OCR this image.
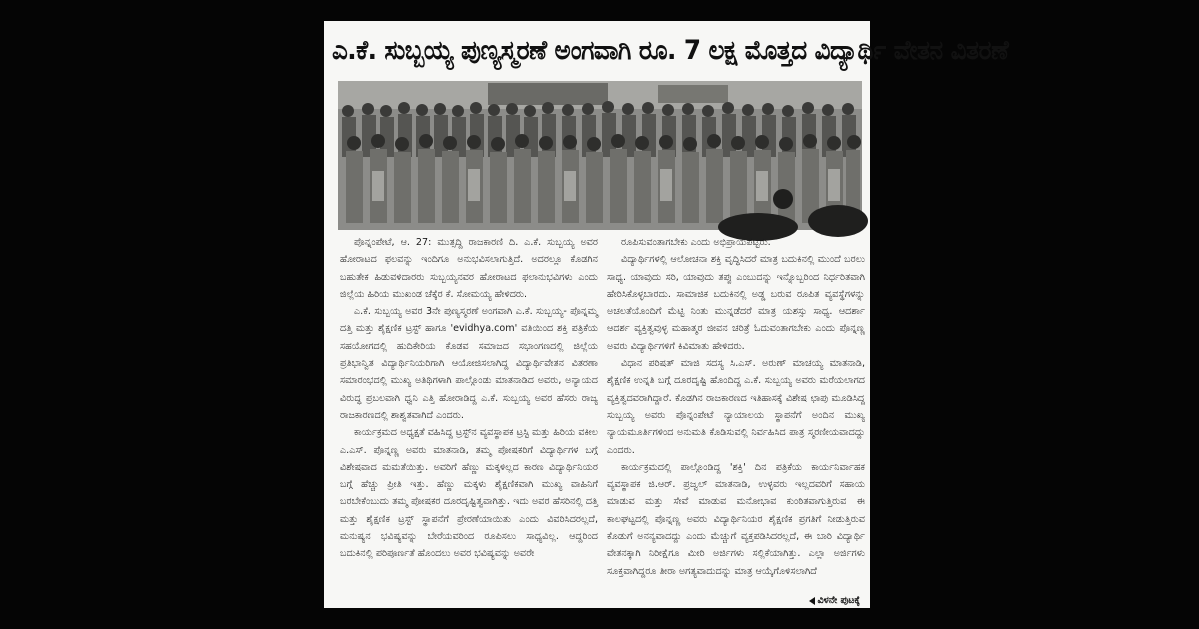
ಎ.ಕೆ. ಸುಬ್ಬಯ್ಯ ಪುಣ್ಯಸ್ಮರಣೆ ಅಂಗವಾಗಿ ರೂ. 7 ಲಕ್ಷ ಮೊತ್ತದ ವಿದ್ಯಾರ್ಥಿ ವೇತನ ವಿತರಣೆ

ಪೊನ್ನಂಪೇಟೆ, ಆ. 27: ಮುತ್ಸದ್ದಿ ರಾಜಕಾರಣಿ ದಿ. ಎ.ಕೆ. ಸುಬ್ಬಯ್ಯ ಅವರ ಹೋರಾಟದ ಫಲವನ್ನು ಇಂದಿಗೂ ಅನುಭವಿಸಲಾಗುತ್ತಿದೆ. ಅದರಲ್ಲೂ ಕೊಡಗಿನ ಬಹುತೇಕ ಹಿಡುವಳಿದಾರರು ಸುಬ್ಬಯ್ಯನವರ ಹೋರಾಟದ ಫಲಾನುಭವಿಗಳು ಎಂದು ಜಿಲ್ಲೆಯ ಹಿರಿಯ ಮುಖಂಡ ಚೆಕ್ಕೆರ ಕೆ. ಸೋಮಯ್ಯ ಹೇಳಿದರು.

ಎ.ಕೆ. ಸುಬ್ಬಯ್ಯ ಅವರ 3ನೇ ಪುಣ್ಯಸ್ಮರಣೆ ಅಂಗವಾಗಿ ಎ.ಕೆ. ಸುಬ್ಬಯ್ಯ- ಪೊನ್ನಮ್ಮ ದತ್ತಿ ಮತ್ತು ಶೈಕ್ಷಣಿಕ ಟ್ರಸ್ಟ್ ಹಾಗೂ 'evidhya.com' ವತಿಯಿಂದ ಶಕ್ತಿ ಪತ್ರಿಕೆಯ ಸಹಯೋಗದಲ್ಲಿ ಹುದಿಕೇರಿಯ ಕೊಡವ ಸಮಾಜದ ಸಭಾಂಗಣದಲ್ಲಿ ಜಿಲ್ಲೆಯ ಪ್ರತಿಭಾನ್ವಿತ ವಿದ್ಯಾರ್ಥಿನಿಯರಿಗಾಗಿ ಆಯೋಜಿಸಲಾಗಿದ್ದ ವಿದ್ಯಾರ್ಥಿವೇತನ ವಿತರಣಾ ಸಮಾರಂಭದಲ್ಲಿ ಮುಖ್ಯ ಅತಿಥಿಗಳಾಗಿ ಪಾಲ್ಗೊಂಡು ಮಾತನಾಡಿದ ಅವರು, ಅನ್ಯಾಯದ ವಿರುದ್ಧ ಪ್ರಬಲವಾಗಿ ಧ್ವನಿ ಎತ್ತಿ ಹೋರಾಡಿದ್ದ ಎ.ಕೆ. ಸುಬ್ಬಯ್ಯ ಅವರ ಹೆಸರು ರಾಜ್ಯ ರಾಜಕಾರಣದಲ್ಲಿ ಶಾಶ್ವತವಾಗಿದೆ ಎಂದರು.

ಕಾರ್ಯಕ್ರಮದ ಅಧ್ಯಕ್ಷತೆ ವಹಿಸಿದ್ದ ಟ್ರಸ್ಟ್‌ನ ವ್ಯವಸ್ಥಾಪಕ ಟ್ರಸ್ಟಿ ಮತ್ತು ಹಿರಿಯ ವಕೀಲ ಎ.ಎಸ್. ಪೊನ್ನಣ್ಣ ಅವರು ಮಾತನಾಡಿ, ತಮ್ಮ ಪೋಷಕರಿಗೆ ವಿದ್ಯಾರ್ಥಿಗಳ ಬಗ್ಗೆ ವಿಶೇಷವಾದ ಮಮತೆಯಿತ್ತು. ಅವರಿಗೆ ಹೆಣ್ಣು ಮಕ್ಕಳಿಲ್ಲದ ಕಾರಣ ವಿದ್ಯಾರ್ಥಿನಿಯರ ಬಗ್ಗೆ ಹೆಚ್ಚು ಪ್ರೀತಿ ಇತ್ತು. ಹೆಣ್ಣು ಮಕ್ಕಳು ಶೈಕ್ಷಣಿಕವಾಗಿ ಮುಖ್ಯ ವಾಹಿನಿಗೆ ಬರಬೇಕೆಂಬುದು ತಮ್ಮ ಪೋಷಕರ ದೂರದೃಷ್ಟಿತ್ವವಾಗಿತ್ತು. ಇದು ಅವರ ಹೆಸರಿನಲ್ಲಿ ದತ್ತಿ ಮತ್ತು ಶೈಕ್ಷಣಿಕ ಟ್ರಸ್ಟ್ ಸ್ಥಾಪನೆಗೆ ಪ್ರೇರಣೆಯಾಯಿತು ಎಂದು ವಿವರಿಸಿದರಲ್ಲದೆ, ಮನುಷ್ಯನ ಭವಿಷ್ಯವನ್ನು ಬೇರೆಯವರಿಂದ ರೂಪಿಸಲು ಸಾಧ್ಯವಿಲ್ಲ. ಆದ್ದರಿಂದ ಬದುಕಿನಲ್ಲಿ ಪರಿಪೂರ್ಣತೆ ಹೊಂದಲು ಅವರ ಭವಿಷ್ಯವನ್ನು ಅವರೇ

ರೂಪಿಸುವಂತಾಗಬೇಕು ಎಂದು ಅಭಿಪ್ರಾಯಪಟ್ಟರು.

ವಿದ್ಯಾರ್ಥಿಗಳಲ್ಲಿ ಆಲೋಚನಾ ಶಕ್ತಿ ವೃದ್ಧಿಸಿದರೆ ಮಾತ್ರ ಬದುಕಿನಲ್ಲಿ ಮುಂದೆ ಬರಲು ಸಾಧ್ಯ. ಯಾವುದು ಸರಿ, ಯಾವುದು ತಪ್ಪು ಎಂಬುದನ್ನು ಇನ್ನೊಬ್ಬರಿಂದ ನಿರ್ಧರಿತವಾಗಿ ಹೇರಿಸಿಕೊಳ್ಳಬಾರದು. ಸಾಮಾಜಿಕ ಬದುಕಿನಲ್ಲಿ ಅಡ್ಡ ಬರುವ ರೂಪಿತ ವ್ಯವಸ್ಥೆಗಳನ್ನು ಅಚಲತೆಯೊಂದಿಗೆ ಮೆಟ್ಟಿ ನಿಂತು ಮುನ್ನಡೆದರೆ ಮಾತ್ರ ಯಶಸ್ಸು ಸಾಧ್ಯ. ಆದರ್ಶಾ ಆದರ್ಶ ವ್ಯಕ್ತಿತ್ವವುಳ್ಳ ಮಹಾತ್ಮರ ಜೀವನ ಚರಿತ್ರೆ ಓದುವಂತಾಗಬೇಕು ಎಂದು ಪೊನ್ನಣ್ಣ ಅವರು ವಿದ್ಯಾರ್ಥಿಗಳಿಗೆ ಕಿವಿಮಾತು ಹೇಳಿದರು.

ವಿಧಾನ ಪರಿಷತ್ ಮಾಜಿ ಸದಸ್ಯ ಸಿ.ಎಸ್. ಅರುಣ್ ಮಾಚಯ್ಯ ಮಾತನಾಡಿ, ಶೈಕ್ಷಣಿಕ ಉನ್ನತಿ ಬಗ್ಗೆ ದೂರದೃಷ್ಟಿ ಹೊಂದಿದ್ದ ಎ.ಕೆ. ಸುಬ್ಬಯ್ಯ ಅವರು ಮರೆಯಲಾಗದ ವ್ಯಕ್ತಿತ್ವದವರಾಗಿದ್ದಾರೆ. ಕೊಡಗಿನ ರಾಜಕಾರಣದ ಇತಿಹಾಸಕ್ಕೆ ವಿಶೇಷ ಛಾಪು ಮೂಡಿಸಿದ್ದ ಸುಬ್ಬಯ್ಯ ಅವರು ಪೊನ್ನಂಪೇಟೆ ನ್ಯಾಯಾಲಯ ಸ್ಥಾಪನೆಗೆ ಅಂದಿನ ಮುಖ್ಯ ನ್ಯಾಯಮೂರ್ತಿಗಳಿಂದ ಅನುಮತಿ ಕೊಡಿಸುವಲ್ಲಿ ನಿರ್ವಹಿಸಿದ ಪಾತ್ರ ಸ್ಮರಣೀಯವಾದದ್ದು ಎಂದರು.

ಕಾರ್ಯಕ್ರಮದಲ್ಲಿ ಪಾಲ್ಗೊಂಡಿದ್ದ 'ಶಕ್ತಿ' ದಿನ ಪತ್ರಿಕೆಯ ಕಾರ್ಯನಿರ್ವಾಹಕ ವ್ಯವಸ್ಥಾಪಕ ಜಿ.ಆರ್. ಪ್ರಜ್ವಲ್ ಮಾತನಾಡಿ, ಉಳ್ಳವರು ಇಲ್ಲದವರಿಗೆ ಸಹಾಯ ಮಾಡುವ ಮತ್ತು ಸೇವೆ ಮಾಡುವ ಮನೋಭಾವ ಕುಂಠಿತವಾಗುತ್ತಿರುವ ಈ ಕಾಲಘಟ್ಟದಲ್ಲಿ ಪೊನ್ನಣ್ಣ ಅವರು ವಿದ್ಯಾರ್ಥಿನಿಯರ ಶೈಕ್ಷಣಿಕ ಪ್ರಗತಿಗೆ ನೀಡುತ್ತಿರುವ ಕೊಡುಗೆ ಅನನ್ಯವಾದದ್ದು ಎಂದು ಮೆಚ್ಚುಗೆ ವ್ಯಕ್ತಪಡಿಸಿದರಲ್ಲದೆ, ಈ ಬಾರಿ ವಿದ್ಯಾರ್ಥಿ ವೇತನಕ್ಕಾಗಿ ನಿರೀಕ್ಷೆಗೂ ಮೀರಿ ಅರ್ಜಿಗಳು ಸಲ್ಲಿಕೆಯಾಗಿತ್ತು. ಎಲ್ಲಾ ಅರ್ಜಿಗಳು ಸೂಕ್ತವಾಗಿದ್ದರೂ ತೀರಾ ಅಗತ್ಯವಾದುದನ್ನು ಮಾತ್ರ ಆಯ್ಕೆಗೊಳಿಸಲಾಗಿದೆ

ವಿಳನೇ ಪುಟಕ್ಕೆ
